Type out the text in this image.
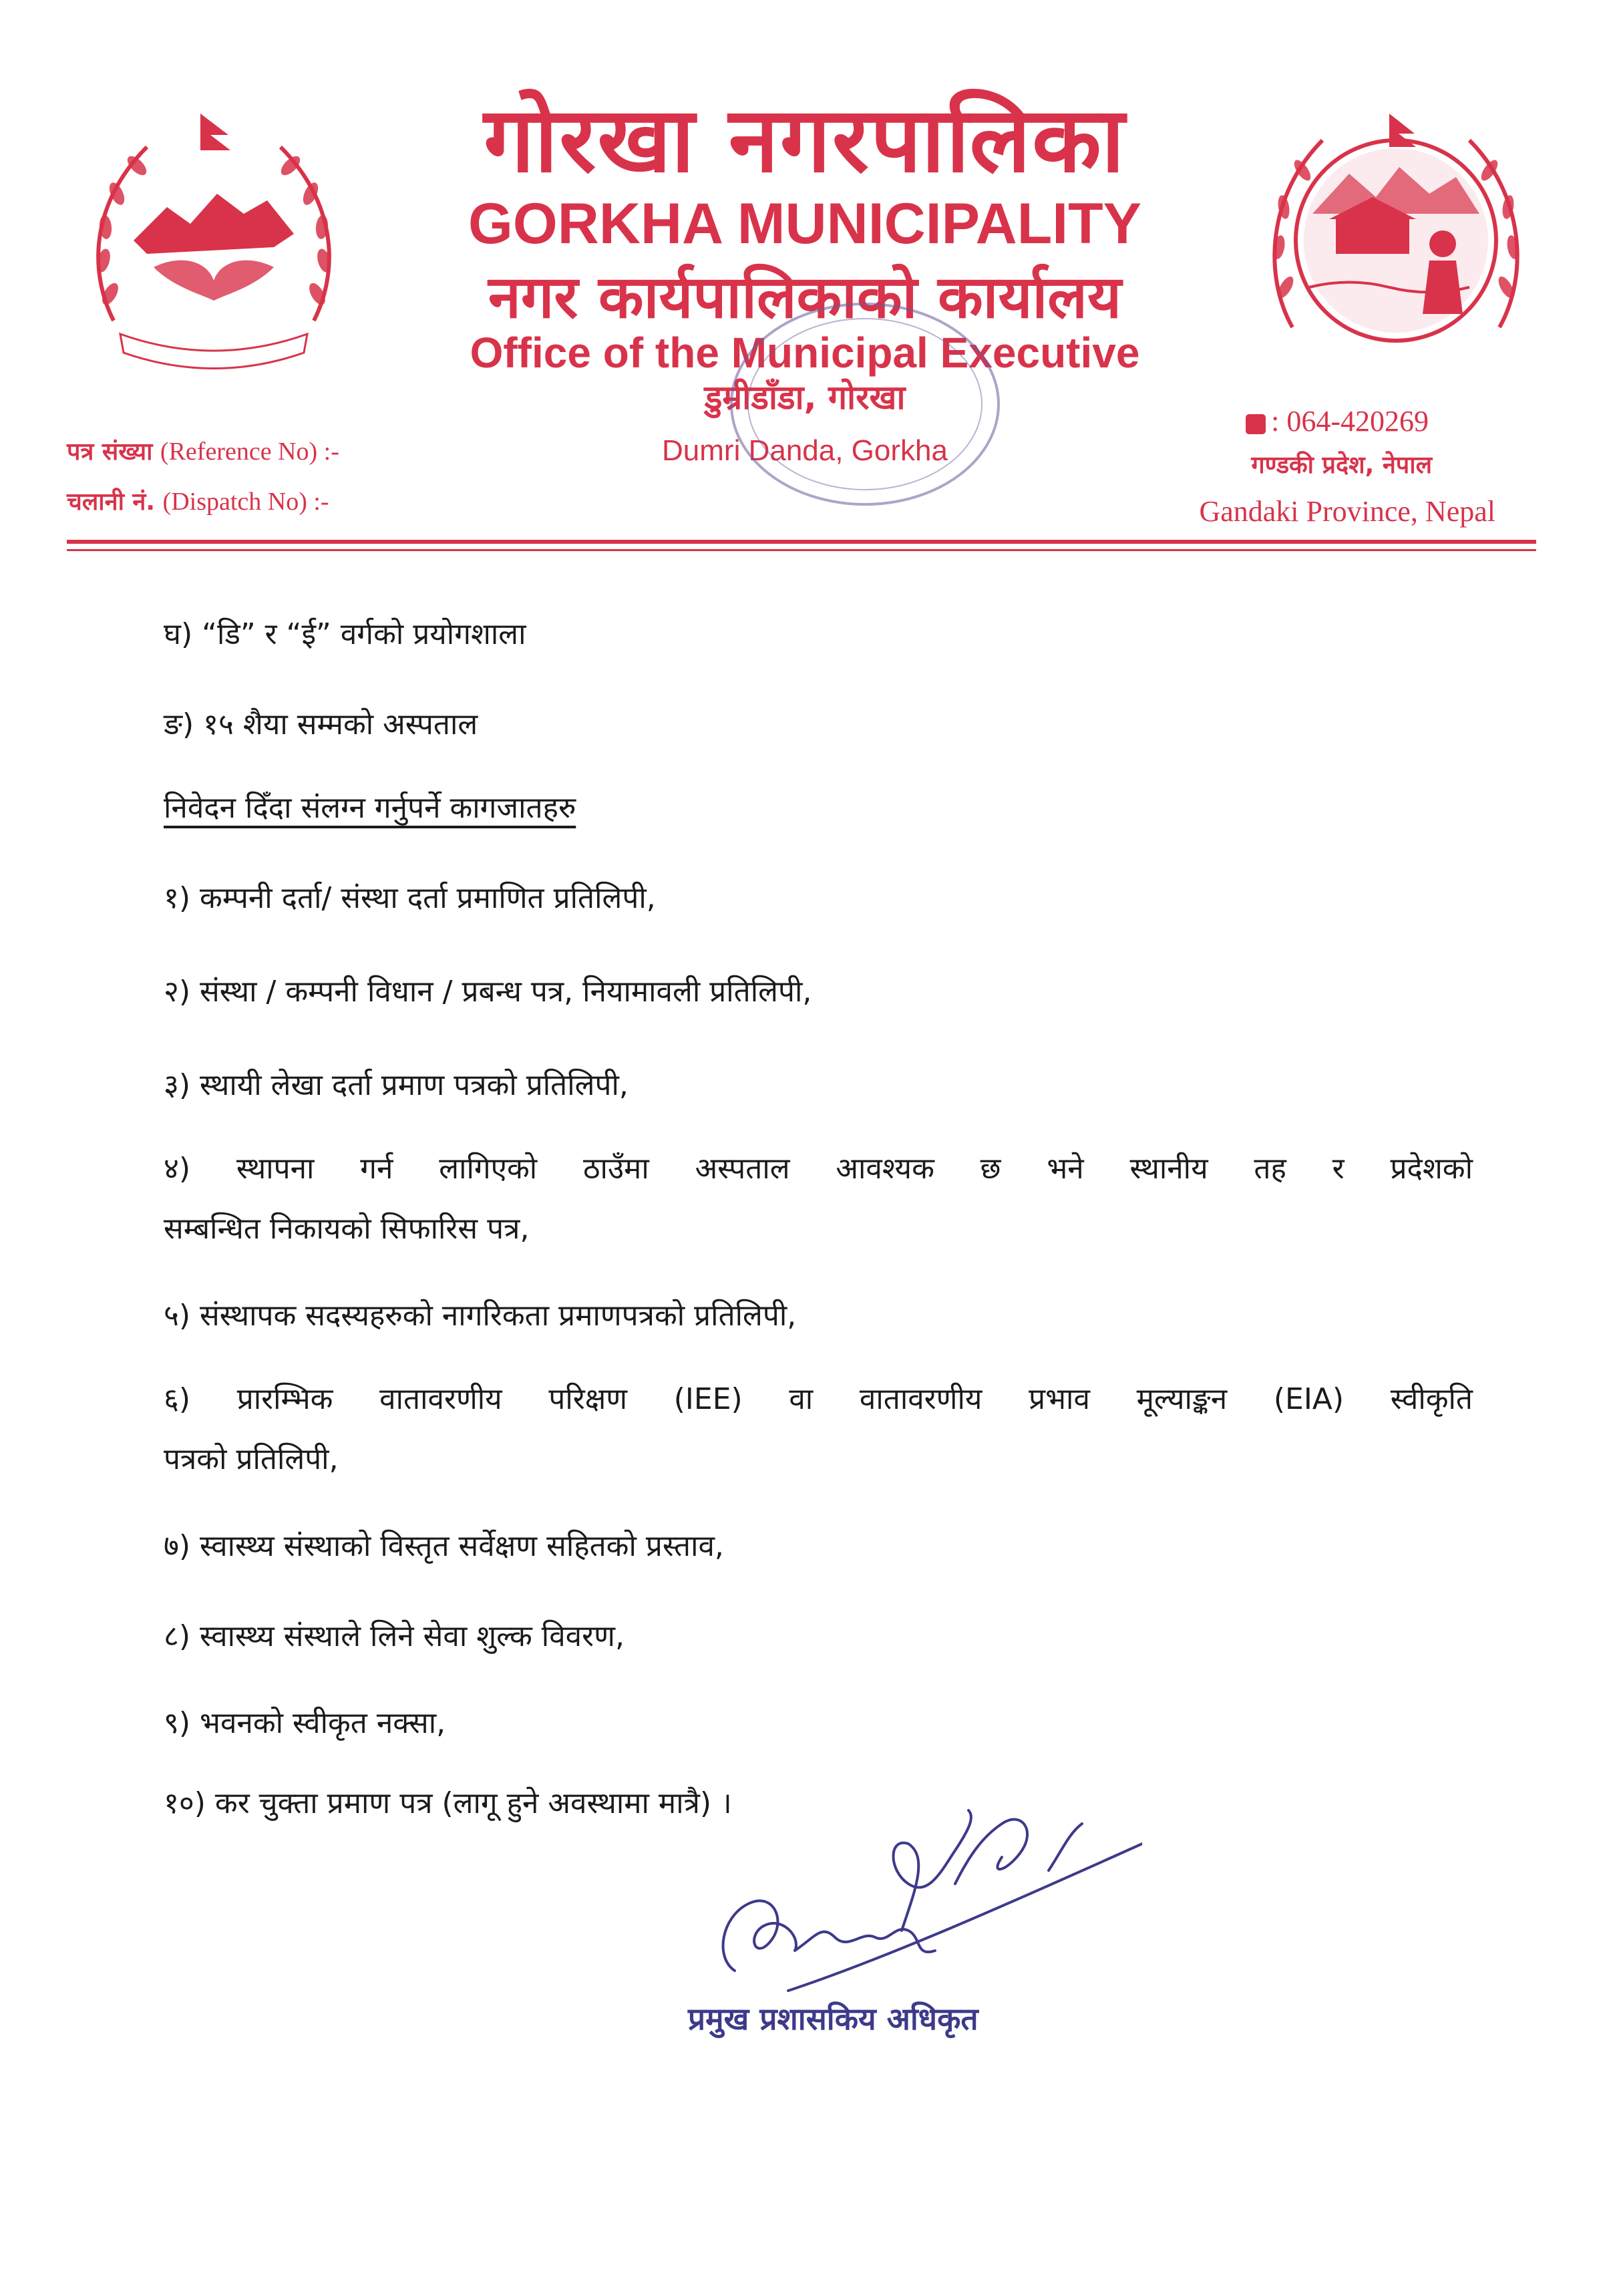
गोरखा नगरपालिका
GORKHA MUNICIPALITY
नगर कार्यपालिकाको कार्यालय
Office of the Municipal Executive
डुम्रीडाँडा, गोरखा
Dumri Danda, Gorkha
पत्र संख्या (Reference No) :-
चलानी नं. (Dispatch No) :-
: 064-420269
गण्डकी प्रदेश, नेपाल
Gandaki Province, Nepal
घ) “डि” र “ई” वर्गको प्रयोगशाला
ङ) १५ शैया सम्मको अस्पताल
निवेदन दिँदा संलग्न गर्नुपर्ने कागजातहरु
१) कम्पनी दर्ता/ संस्था दर्ता प्रमाणित प्रतिलिपी,
२) संस्था / कम्पनी विधान / प्रबन्ध पत्र, नियामावली प्रतिलिपी,
३) स्थायी लेखा दर्ता प्रमाण पत्रको प्रतिलिपी,
४) स्थापना गर्न लागिएको ठाउँमा अस्पताल आवश्यक छ भने स्थानीय तह र प्रदेशको
सम्बन्धित निकायको सिफारिस पत्र,
५) संस्थापक सदस्यहरुको नागरिकता प्रमाणपत्रको प्रतिलिपी,
६) प्रारम्भिक वातावरणीय परिक्षण (IEE) वा वातावरणीय प्रभाव मूल्याङ्कन (EIA) स्वीकृति
पत्रको प्रतिलिपी,
७) स्वास्थ्य संस्थाको विस्तृत सर्वेक्षण सहितको प्रस्ताव,
८) स्वास्थ्य संस्थाले लिने सेवा शुल्क विवरण,
९) भवनको स्वीकृत नक्सा,
१०) कर चुक्ता प्रमाण पत्र (लागू हुने अवस्थामा मात्रै) ।
प्रमुख प्रशासकिय अधिकृत
